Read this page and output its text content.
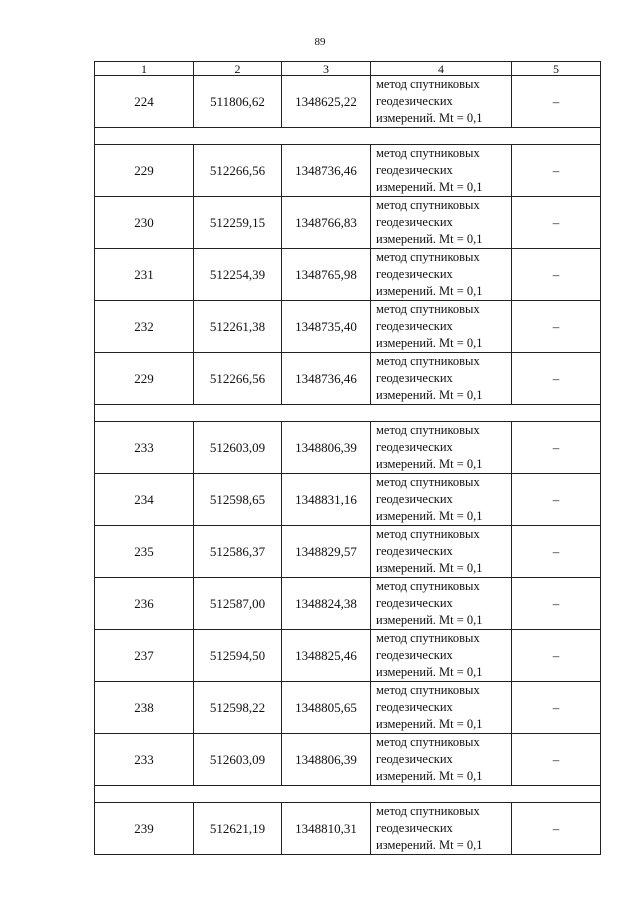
89
1	2	3	4	5
224	511806,62	1348625,22	метод спутниковых
геодезических
измерений. Mt = 0,1	–

229	512266,56	1348736,46	метод спутниковых
геодезических
измерений. Mt = 0,1	–
230	512259,15	1348766,83	метод спутниковых
геодезических
измерений. Mt = 0,1	–
231	512254,39	1348765,98	метод спутниковых
геодезических
измерений. Mt = 0,1	–
232	512261,38	1348735,40	метод спутниковых
геодезических
измерений. Mt = 0,1	–
229	512266,56	1348736,46	метод спутниковых
геодезических
измерений. Mt = 0,1	–

233	512603,09	1348806,39	метод спутниковых
геодезических
измерений. Mt = 0,1	–
234	512598,65	1348831,16	метод спутниковых
геодезических
измерений. Mt = 0,1	–
235	512586,37	1348829,57	метод спутниковых
геодезических
измерений. Mt = 0,1	–
236	512587,00	1348824,38	метод спутниковых
геодезических
измерений. Mt = 0,1	–
237	512594,50	1348825,46	метод спутниковых
геодезических
измерений. Mt = 0,1	–
238	512598,22	1348805,65	метод спутниковых
геодезических
измерений. Mt = 0,1	–
233	512603,09	1348806,39	метод спутниковых
геодезических
измерений. Mt = 0,1	–

239	512621,19	1348810,31	метод спутниковых
геодезических
измерений. Mt = 0,1	–
